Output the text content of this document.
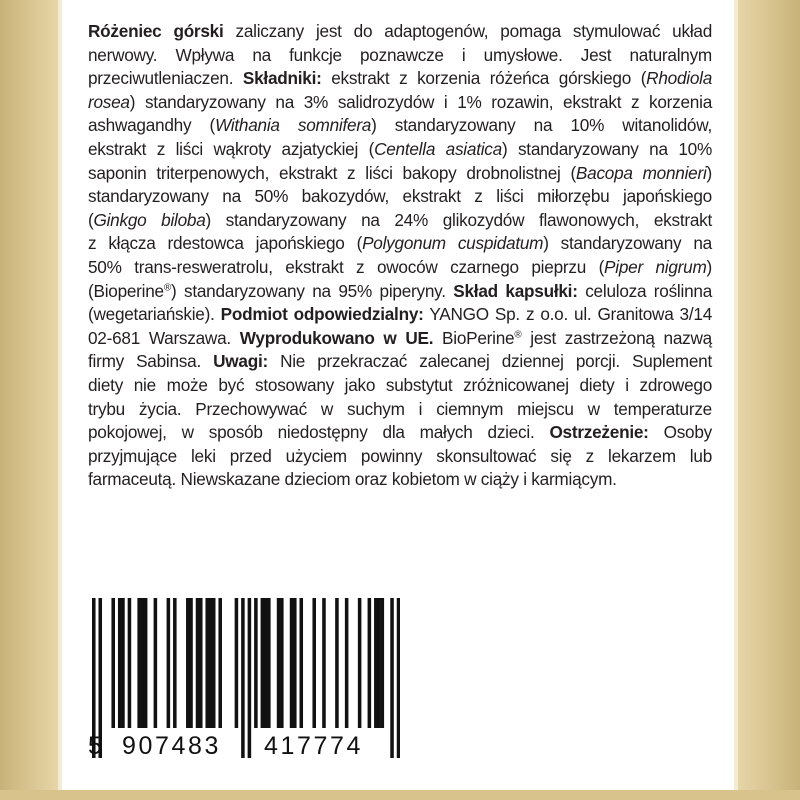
Różeniec górski zaliczany jest do adaptogenów, pomaga stymulować układ
nerwowy. Wpływa na funkcje poznawcze i umysłowe. Jest naturalnym
przeciwutleniaczen. Składniki: ekstrakt z korzenia różeńca górskiego (Rhodiola
rosea) standaryzowany na 3% salidrozydów i 1% rozawin, ekstrakt z korzenia
ashwagandhy (Withania somnifera) standaryzowany na 10% witanolidów,
ekstrakt z liści wąkroty azjatyckiej (Centella asiatica) standaryzowany na 10%
saponin triterpenowych, ekstrakt z liści bakopy drobnolistnej (Bacopa monnieri)
standaryzowany na 50% bakozydów, ekstrakt z liści miłorzębu japońskiego
(Ginkgo biloba) standaryzowany na 24% glikozydów flawonowych, ekstrakt
z kłącza rdestowca japońskiego (Polygonum cuspidatum) standaryzowany na
50% trans-resweratrolu, ekstrakt z owoców czarnego pieprzu (Piper nigrum)
(Bioperine®) standaryzowany na 95% piperyny. Skład kapsułki: celuloza roślinna
(wegetariańskie). Podmiot odpowiedzialny: YANGO Sp. z o.o. ul. Granitowa 3/14
02-681 Warszawa. Wyprodukowano w UE. BioPerine® jest zastrzeżoną nazwą
firmy Sabinsa. Uwagi: Nie przekraczać zalecanej dziennej porcji. Suplement
diety nie może być stosowany jako substytut zróżnicowanej diety i zdrowego
trybu życia. Przechowywać w suchym i ciemnym miejscu w temperaturze
pokojowej, w sposób niedostępny dla małych dzieci. Ostrzeżenie: Osoby
przyjmujące leki przed użyciem powinny skonsultować się z lekarzem lub
farmaceutą. Niewskazane dzieciom oraz kobietom w ciąży i karmiącym.
5 907483 417774
